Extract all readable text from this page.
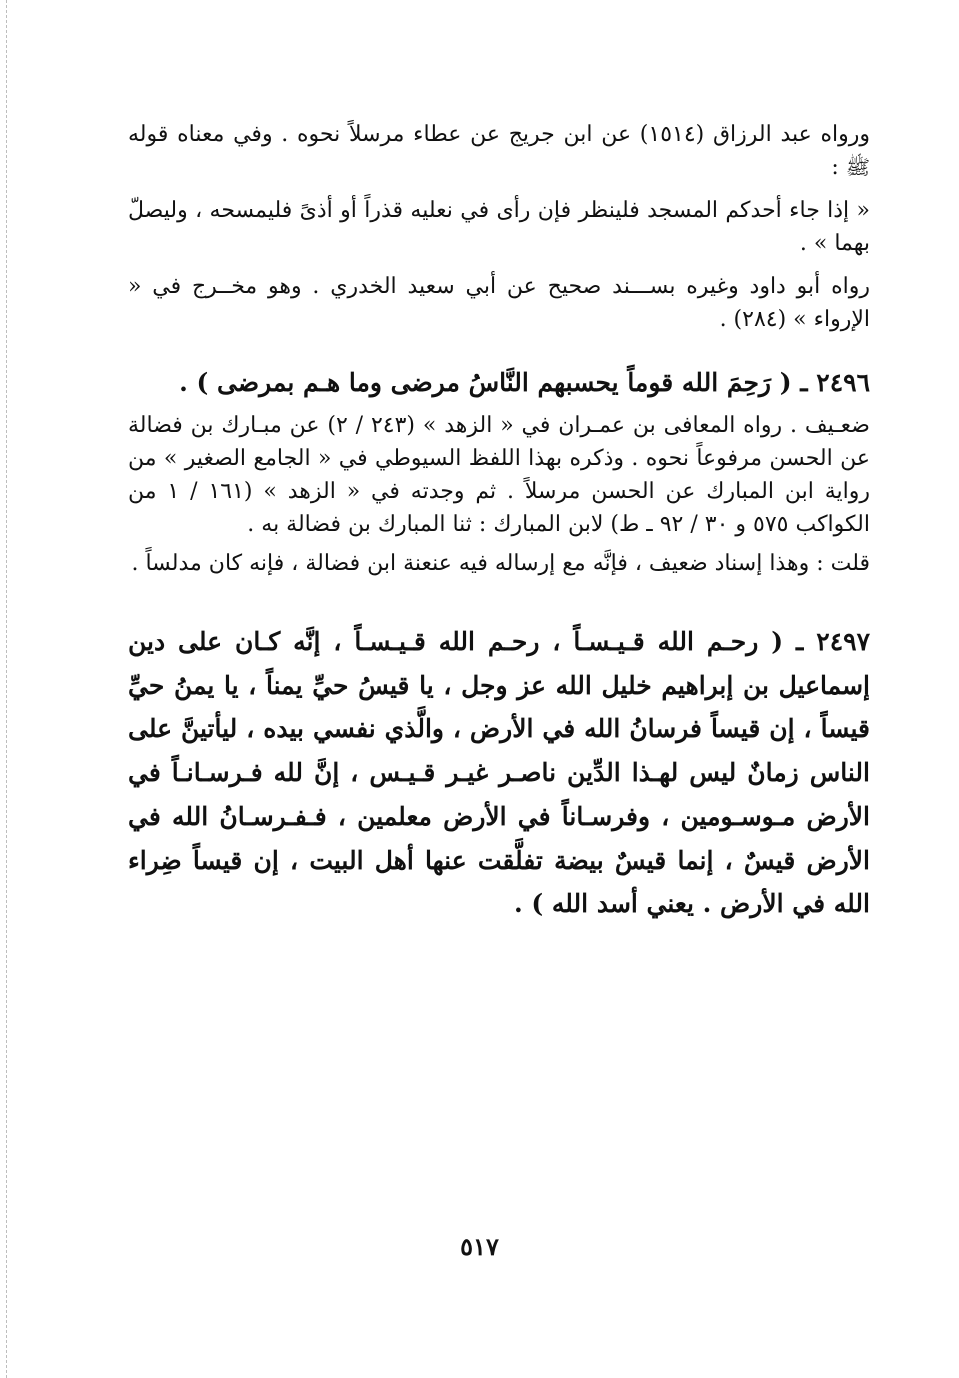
ورواه عبد الرزاق (١٥١٤) عن ابن جريج عن عطاء مرسلاً نحوه . وفي معناه قوله ﷺ :

« إذا جاء أحدكم المسجد فلينظر فإن رأى في نعليه قذراً أو أذىً فليمسحه ، وليصلّ بهما » .

رواه أبو داود وغيره بســـند صحيح عن أبي سعيد الخدري . وهو مخــرج في « الإرواء » (٢٨٤) .

٢٤٩٦ ـ ( رَحِمَ الله قوماً يحسبهم النَّاسُ مرضى وما هـم بمرضى ) .

ضعـيف . رواه المعافى بن عمـران في « الزهد » (٢٤٣ / ٢) عن مبـارك بن فضالة عن الحسن مرفوعاً نحوه . وذكره بهذا اللفظ السيوطي في « الجامع الصغير » من رواية ابن المبارك عن الحسن مرسلاً . ثم وجدته في « الزهد » (١٦١ / ١ من الكواكب ٥٧٥ و ٣٠ / ٩٢ ـ ط) لابن المبارك : ثنا المبارك بن فضالة به .

قلت : وهذا إسناد ضعيف ، فإنَّه مع إرساله فيه عنعنة ابن فضالة ، فإنه كان مدلساً .

٢٤٩٧ ـ ( رحـم الله قـيـسـاً ، رحـم الله قـيـسـاً ، إنَّه كـان على دين إسماعيل بن إبراهيم خليل الله عز وجل ، يا قيسُ حيِّ يمناً ، يا يمنُ حيِّ قيساً ، إن قيساً فرسانُ الله في الأرض ، والَّذي نفسي بيده ، ليأتينَّ على الناس زمانٌ ليس لهـذا الدِّين ناصـر غيـر قـيـس ، إنَّ لله فـرسـانـاً في الأرض مـوسـومين ، وفرسـاناً في الأرض معلمين ، فـفـرسـانُ الله في الأرض قيسٌ ، إنما قيسٌ بيضة تفلَّقت عنها أهل البيت ، إن قيساً ضِراء الله في الأرض . يعني أسد الله ) .

٥١٧
